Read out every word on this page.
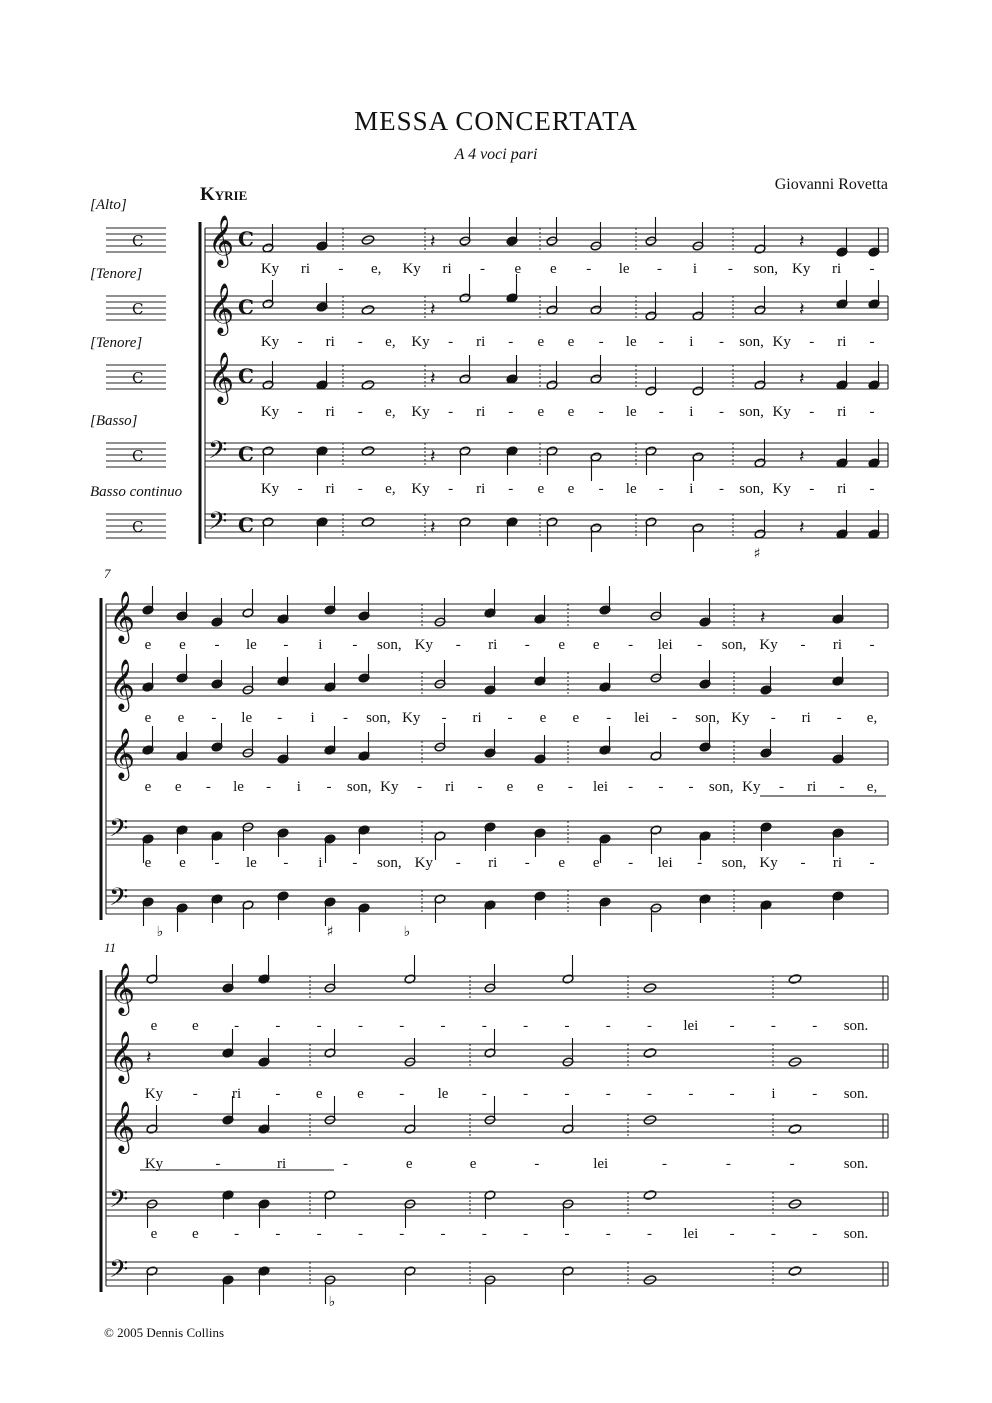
MESSA CONCERTATA
A 4 voci pari
Giovanni Rovetta
Kyrie
[Alto]
[Tenore]
[Tenore]
[Basso]
Basso continuo
7
11
© 2005 Dennis Collins
𝄞 C
C
𝄞 C
C
𝄞 C
C
𝄢 C
C
𝄢 C
C
𝄞
𝄞
𝄞
𝄢
𝄢
𝄞
𝄞
𝄞
𝄢
𝄢
𝄽	𝄽
𝄽	𝄽
𝄽	𝄽
𝄽	𝄽
𝄽	𝄽
𝄽
𝄽
Ky ri - e, Ky ri - e e - le - i - son, Ky ri -
Ky - ri - e, Ky - ri - e e - le - i - son, Ky - ri -
Ky - ri - e, Ky - ri - e e - le - i - son, Ky - ri -
Ky - ri - e, Ky - ri - e e - le - i - son, Ky - ri -
♯
e e - le - i - son, Ky - ri - e e - lei - son, Ky - ri -
e e - le - i - son, Ky - ri - e e - lei - son, Ky - ri - e,
e e - le - i - son, Ky - ri - e e - lei - - - son, Ky - ri - e,
e e - le - i - son, Ky - ri - e e - lei - son, Ky - ri -
♭	♯	♭
e e - - - - - - - - - - - lei - - - son.
Ky - ri - e e - le - - - - - - - i - son.
Ky	-	ri	-	e	e	-	lei	-	-	-	son.
e e - - - - - - - - - - - lei - - - son.
♭
